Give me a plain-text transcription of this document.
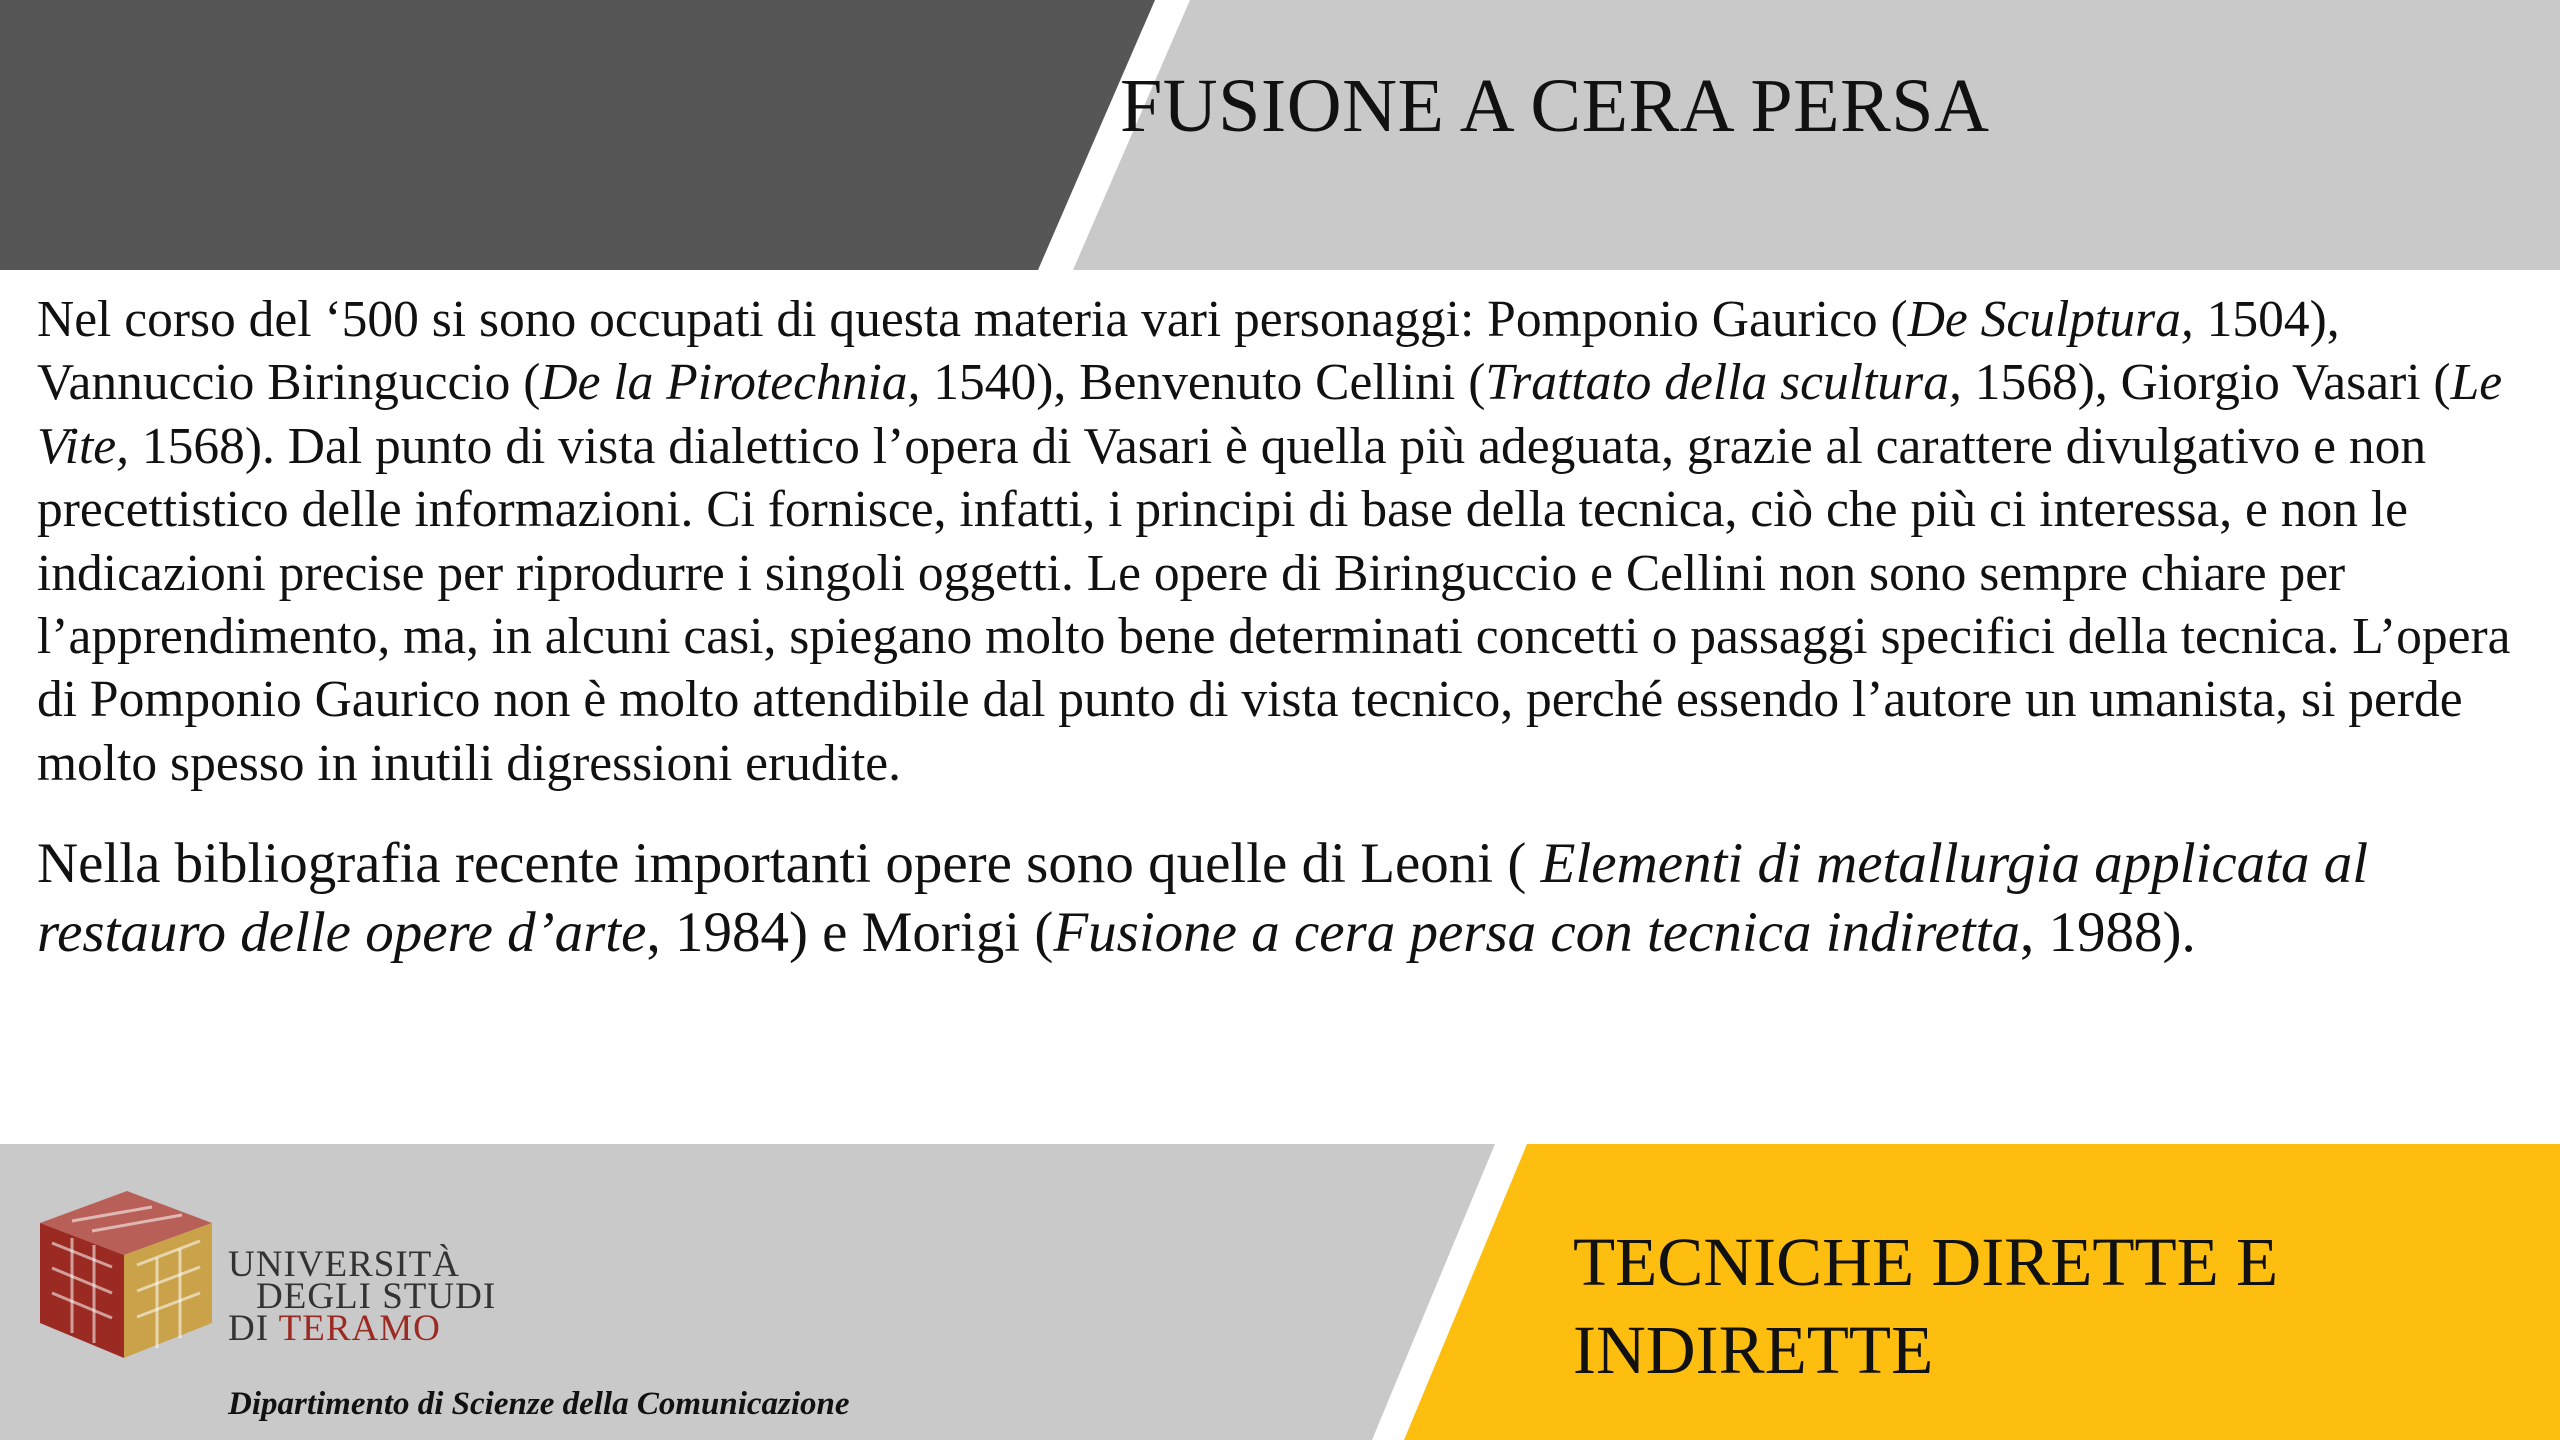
FUSIONE A CERA PERSA

Nel corso del ‘500 si sono occupati di questa materia vari personaggi: Pomponio Gaurico (De Sculptura, 1504), Vannuccio Biringuccio (De la Pirotechnia, 1540), Benvenuto Cellini (Trattato della scultura, 1568), Giorgio Vasari (Le Vite, 1568). Dal punto di vista dialettico l’opera di Vasari è quella più adeguata, grazie al carattere divulgativo e non precettistico delle informazioni. Ci fornisce, infatti, i principi di base della tecnica, ciò che più ci interessa, e non le indicazioni precise per riprodurre i singoli oggetti. Le opere di Biringuccio e Cellini non sono sempre chiare per l’apprendimento, ma, in alcuni casi, spiegano molto bene determinati concetti o passaggi specifici della tecnica. L’opera di Pomponio Gaurico non è molto attendibile dal punto di vista tecnico, perché essendo l’autore un umanista, si perde molto spesso in inutili digressioni erudite.

Nella bibliografia recente importanti opere sono quelle di Leoni ( Elementi di metallurgia applicata al restauro delle opere d’arte, 1984) e Morigi (Fusione a cera persa con tecnica indiretta, 1988).

UNIVERSITÀ
DEGLI STUDI
DI TERAMO
Dipartimento di Scienze della Comunicazione
TECNICHE DIRETTE E INDIRETTE
